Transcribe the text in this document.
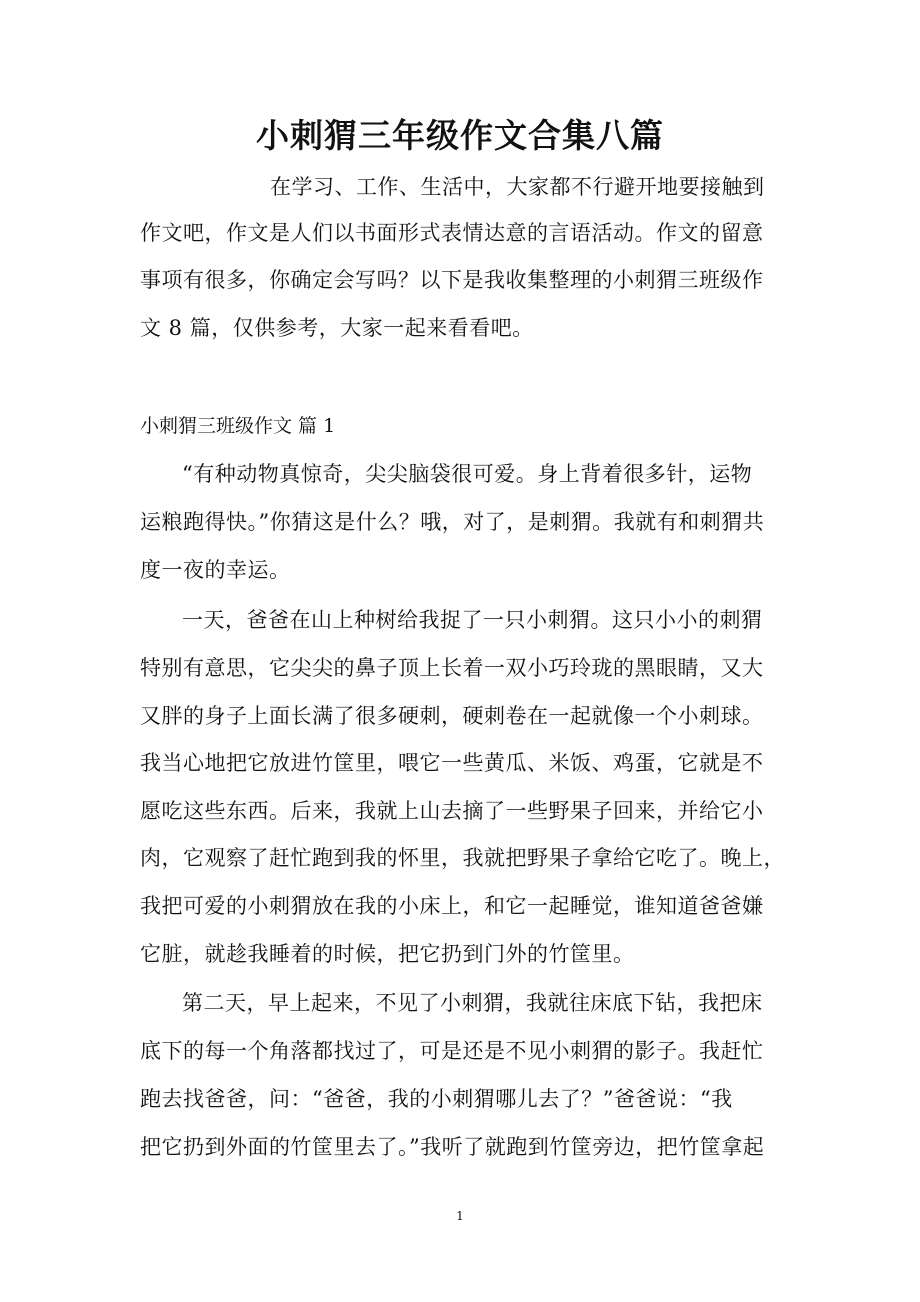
小刺猬三年级作文合集八篇
在学习、工作、生活中，大家都不行避开地要接触到
作文吧，作文是人们以书面形式表情达意的言语活动。作文的留意
事项有很多，你确定会写吗？以下是我收集整理的小刺猬三班级作
文 8 篇，仅供参考，大家一起来看看吧。
小刺猬三班级作文 篇 1
“有种动物真惊奇，尖尖脑袋很可爱。身上背着很多针，运物
运粮跑得快。”你猜这是什么？哦，对了，是刺猬。我就有和刺猬共
度一夜的幸运。
一天，爸爸在山上种树给我捉了一只小刺猬。这只小小的刺猬
特别有意思，它尖尖的鼻子顶上长着一双小巧玲珑的黑眼睛，又大
又胖的身子上面长满了很多硬刺，硬刺卷在一起就像一个小刺球。
我当心地把它放进竹筐里，喂它一些黄瓜、米饭、鸡蛋，它就是不
愿吃这些东西。后来，我就上山去摘了一些野果子回来，并给它小
肉，它观察了赶忙跑到我的怀里，我就把野果子拿给它吃了。晚上，
我把可爱的小刺猬放在我的小床上，和它一起睡觉，谁知道爸爸嫌
它脏，就趁我睡着的时候，把它扔到门外的竹筐里。
第二天，早上起来，不见了小刺猬，我就往床底下钻，我把床
底下的每一个角落都找过了，可是还是不见小刺猬的影子。我赶忙
跑去找爸爸，问：“爸爸，我的小刺猬哪儿去了？”爸爸说：“我
把它扔到外面的竹筐里去了。”我听了就跑到竹筐旁边，把竹筐拿起
1
